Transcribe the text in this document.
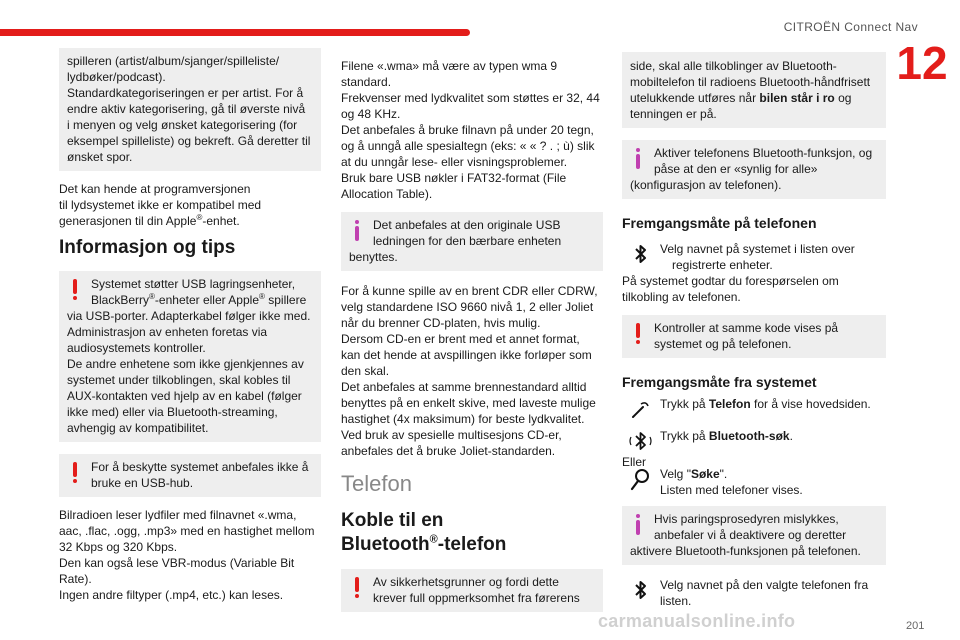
CITROËN Connect Nav
12

spilleren (artist/album/sjanger/spilleliste/

lydbøker/podcast).

Standardkategoriseringen er per artist. For å

endre aktiv kategorisering, gå til øverste nivå

i menyen og velg ønsket kategorisering (for

eksempel spilleliste) og bekreft. Gå deretter til

ønsket spor.

Det kan hende at programversjonen

til lydsystemet ikke er kompatibel med

generasjonen til din Apple®-enhet.

Informasjon og tips

Systemet støtter USB lagringsenheter,

BlackBerry®-enheter eller Apple® spillere

via USB-porter. Adapterkabel følger ikke med.

Administrasjon av enheten foretas via

audiosystemets kontroller.

De andre enhetene som ikke gjenkjennes av

systemet under tilkoblingen, skal kobles til

AUX-kontakten ved hjelp av en kabel (følger

ikke med) eller via Bluetooth-streaming,

avhengig av kompatibilitet.

For å beskytte systemet anbefales ikke å

bruke en USB-hub.

Bilradioen leser lydfiler med filnavnet «.wma,

aac, .flac, .ogg, .mp3» med en hastighet mellom

32 Kbps og 320 Kbps.

Den kan også lese VBR-modus (Variable Bit

Rate).

Ingen andre filtyper (.mp4, etc.) kan leses.

Filene «.wma» må være av typen wma 9

standard.

Frekvenser med lydkvalitet som støttes er 32, 44

og 48 KHz.

Det anbefales å bruke filnavn på under 20 tegn,

og å unngå alle spesialtegn (eks: « « ? . ; ù) slik

at du unngår lese- eller visningsproblemer.

Bruk bare USB nøkler i FAT32-format (File

Allocation Table).

Det anbefales at den originale USB

ledningen for den bærbare enheten

benyttes.

For å kunne spille av en brent CDR eller CDRW,

velg standardene ISO 9660 nivå 1, 2 eller Joliet

når du brenner CD-platen, hvis mulig.

Dersom CD-en er brent med et annet format,

kan det hende at avspillingen ikke forløper som

den skal.

Det anbefales at samme brennestandard alltid

benyttes på en enkelt skive, med laveste mulige

hastighet (4x maksimum) for beste lydkvalitet.

Ved bruk av spesielle multisesjons CD-er,

anbefales det å bruke Joliet-standarden.

Telefon
Koble til en
Bluetooth®-telefon

Av sikkerhetsgrunner og fordi dette

krever full oppmerksomhet fra førerens

side, skal alle tilkoblinger av Bluetooth-

mobiltelefon til radioens Bluetooth-håndfrisett

utelukkende utføres når bilen står i ro og

tenningen er på.

Aktiver telefonens Bluetooth-funksjon, og

påse at den er «synlig for alle»

(konfigurasjon av telefonen).

Fremgangsmåte på telefonen

Velg navnet på systemet i listen over

registrerte enheter.

På systemet godtar du forespørselen om

tilkobling av telefonen.

Kontroller at samme kode vises på

systemet og på telefonen.

Fremgangsmåte fra systemet

Trykk på Telefon for å vise hovedsiden.

Trykk på Bluetooth-søk.

Eller

Velg "Søke".

Listen med telefoner vises.

Hvis paringsprosedyren mislykkes,

anbefaler vi å deaktivere og deretter

aktivere Bluetooth-funksjonen på telefonen.

Velg navnet på den valgte telefonen fra

listen.

carmanualsonline.info	201
